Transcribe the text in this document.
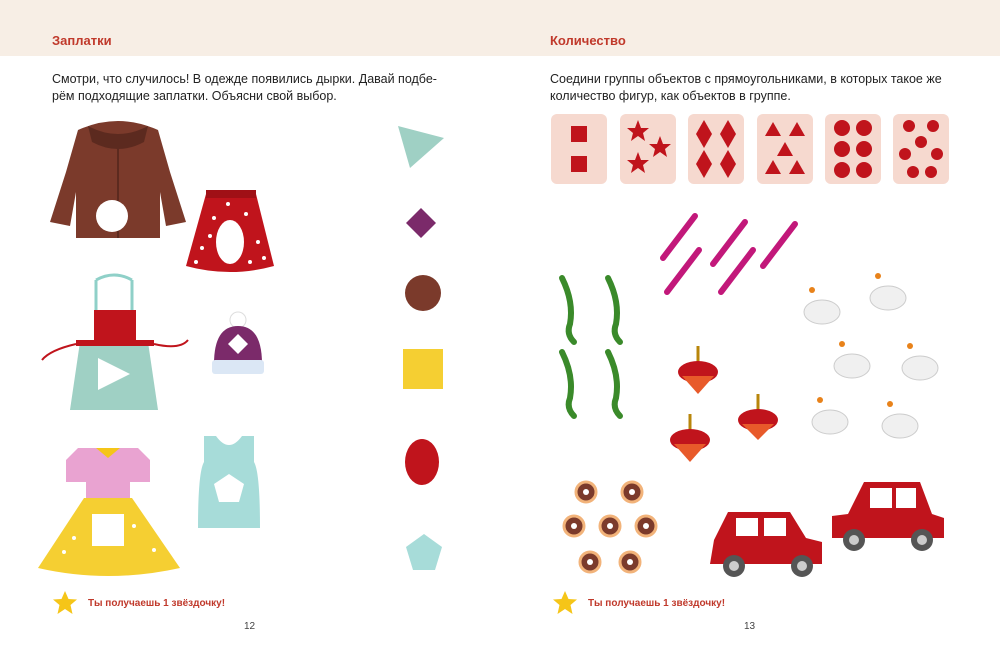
Заплатки
Смотри, что случилось! В одежде появились дырки. Давай подбе-
рём подходящие заплатки. Объясни свой выбор.
Ты получаешь 1 звёздочку!
12
Количество
Соедини группы объектов с прямоугольниками, в которых такое же
количество фигур, как объектов в группе.
Ты получаешь 1 звёздочку!
13
